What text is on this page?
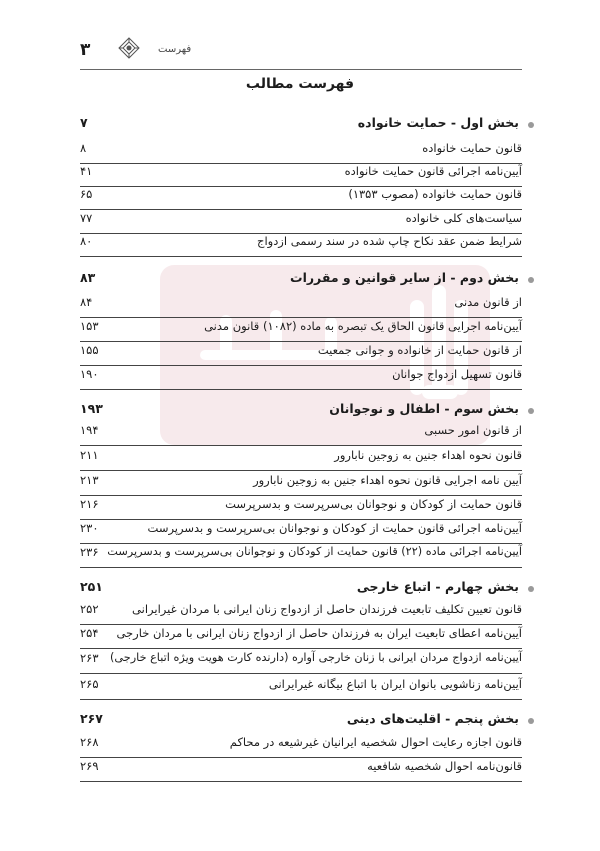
۳	فهرست
فهرست مطالب
بخش اول - حمایت خانواده
۷
قانون حمایت خانواده
۸
آیین‌نامه اجرائی قانون حمایت خانواده
۴۱
قانون حمایت خانواده (مصوب ۱۳۵۳)
۶۵
سیاست‌های کلی خانواده
۷۷
شرایط ضمن عقد نکاح چاپ شده در سند رسمی ازدواج
۸۰
بخش دوم - از سایر قوانین و مقررات
۸۳
از قانون مدنی
۸۴
آیین‌نامه اجرایی قانون الحاق یک تبصره به ماده (۱۰۸۲) قانون مدنی
۱۵۳
از قانون حمایت از خانواده و جوانی جمعیت
۱۵۵
قانون تسهیل ازدواج جوانان
۱۹۰
بخش سوم - اطفال و نوجوانان
۱۹۳
از قانون امور حسبی
۱۹۴
قانون نحوه اهداء جنین به زوجین نابارور
۲۱۱
آیین نامه اجرایی قانون نحوه اهداء جنین به زوجین نابارور
۲۱۳
قانون حمایت از کودکان و نوجوانان بی‌سرپرست و بدسرپرست
۲۱۶
آیین‌نامه اجرائی قانون حمایت از کودکان و نوجوانان بی‌سرپرست و بدسرپرست
۲۳۰
آیین‌نامه اجرائی ماده (۲۲) قانون حمایت از کودکان و نوجوانان بی‌سرپرست و بدسرپرست
۲۳۶
بخش چهارم - اتباع خارجی
۲۵۱
قانون تعیین تکلیف تابعیت فرزندان حاصل از ازدواج زنان ایرانی با مردان غیرایرانی
۲۵۲
آیین‌نامه اعطای تابعیت ایران به فرزندان حاصل از ازدواج زنان ایرانی با مردان خارجی
۲۵۴
آیین‌نامه ازدواج مردان ایرانی با زنان خارجی آواره (دارنده کارت هویت ویژه اتباع خارجی)
۲۶۳
آیین‌نامه زناشویی بانوان ایران با اتباع بیگانه غیرایرانی
۲۶۵
بخش پنجم - اقلیت‌های دینی
۲۶۷
قانون اجازه رعایت احوال شخصیه ایرانیان غیرشیعه در محاکم
۲۶۸
قانون‌نامه احوال شخصیه شافعیه
۲۶۹
